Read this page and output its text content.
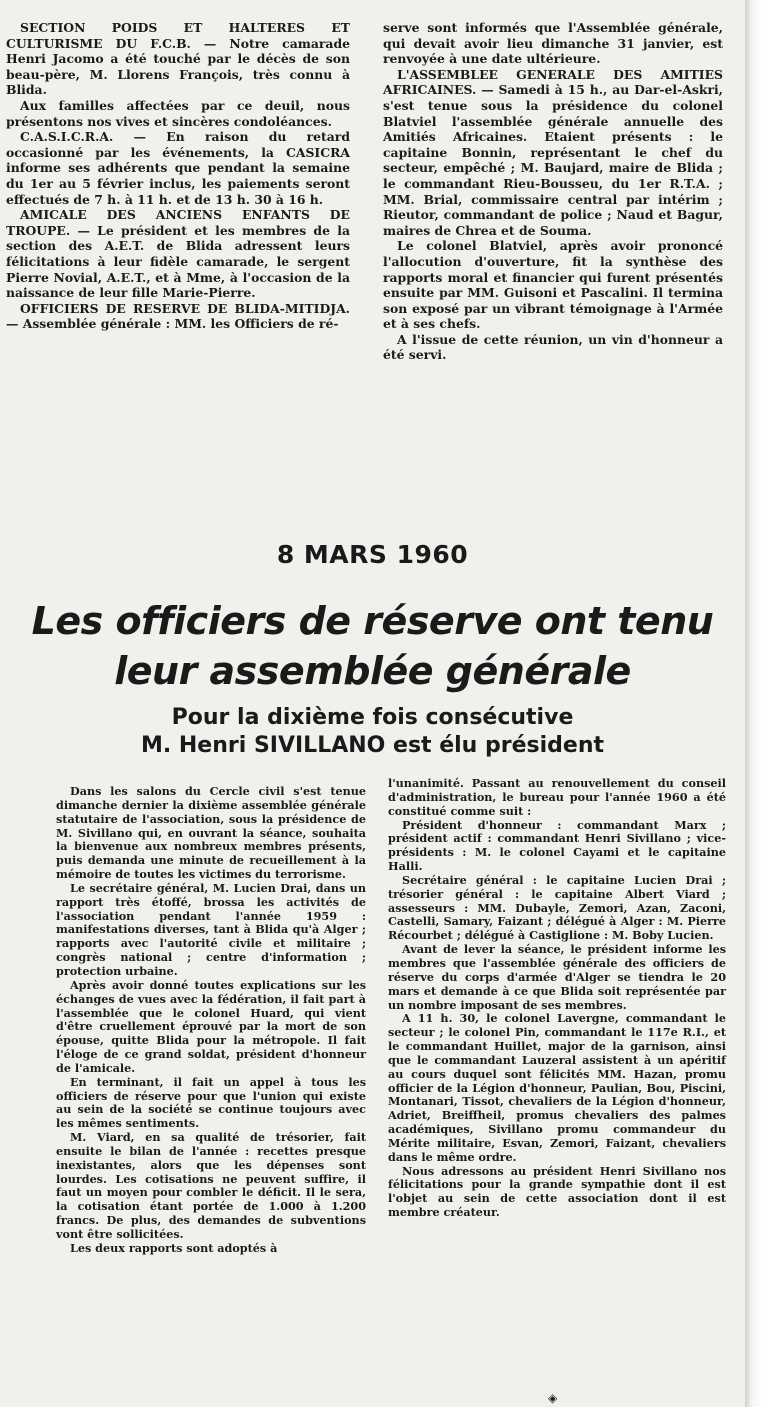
SECTION POIDS ET HALTERES ET CULTURISME DU F.C.B. — Notre camarade Henri Jacomo a été touché par le décès de son beau-père, M. Llorens François, très connu à Blida.

Aux familles affectées par ce deuil, nous présentons nos vives et sincères condoléances.

C.A.S.I.C.R.A. — En raison du retard occasionné par les événements, la CASICRA informe ses adhérents que pendant la semaine du 1er au 5 février inclus, les paiements seront effectués de 7 h. à 11 h. et de 13 h. 30 à 16 h.

AMICALE DES ANCIENS ENFANTS DE TROUPE. — Le président et les membres de la section des A.E.T. de Blida adressent leurs félicitations à leur fidèle camarade, le sergent Pierre Novial, A.E.T., et à Mme, à l'occasion de la naissance de leur fille Marie-Pierre.

OFFICIERS DE RESERVE DE BLIDA-MITIDJA. — Assemblée générale : MM. les Officiers de ré-

serve sont informés que l'Assemblée générale, qui devait avoir lieu dimanche 31 janvier, est renvoyée à une date ultérieure.

L'ASSEMBLEE GENERALE DES AMITIES AFRICAINES. — Samedi à 15 h., au Dar-el-Askri, s'est tenue sous la présidence du colonel Blatviel l'assemblée générale annuelle des Amitiés Africaines. Etaient présents : le capitaine Bonnin, représentant le chef du secteur, empêché ; M. Baujard, maire de Blida ; le commandant Rieu-Bousseu, du 1er R.T.A. ; MM. Brial, commissaire central par intérim ; Rieutor, commandant de police ; Naud et Bagur, maires de Chrea et de Souma.

Le colonel Blatviel, après avoir prononcé l'allocution d'ouverture, fit la synthèse des rapports moral et financier qui furent présentés ensuite par MM. Guisoni et Pascalini. Il termina son exposé par un vibrant témoignage à l'Armée et à ses chefs.

A l'issue de cette réunion, un vin d'honneur a été servi.

8 MARS 1960
Les officiers de réserve ont tenu
leur assemblée générale
Pour la dixième fois consécutive
M. Henri SIVILLANO est élu président

Dans les salons du Cercle civil s'est tenue dimanche dernier la dixième assemblée générale statutaire de l'association, sous la présidence de M. Sivillano qui, en ouvrant la séance, souhaita la bienvenue aux nombreux membres présents, puis demanda une minute de recueillement à la mémoire de toutes les victimes du terrorisme.

Le secrétaire général, M. Lucien Drai, dans un rapport très étoffé, brossa les activités de l'association pendant l'année 1959 : manifestations diverses, tant à Blida qu'à Alger ; rapports avec l'autorité civile et militaire ; congrès national ; centre d'information ; protection urbaine.

Après avoir donné toutes explications sur les échanges de vues avec la fédération, il fait part à l'assemblée que le colonel Huard, qui vient d'être cruellement éprouvé par la mort de son épouse, quitte Blida pour la métropole. Il fait l'éloge de ce grand soldat, président d'honneur de l'amicale.

En terminant, il fait un appel à tous les officiers de réserve pour que l'union qui existe au sein de la société se continue toujours avec les mêmes sentiments.

M. Viard, en sa qualité de trésorier, fait ensuite le bilan de l'année : recettes presque inexistantes, alors que les dépenses sont lourdes. Les cotisations ne peuvent suffire, il faut un moyen pour combler le déficit. Il le sera, la cotisation étant portée de 1.000 à 1.200 francs. De plus, des demandes de subventions vont être sollicitées.

Les deux rapports sont adoptés à

l'unanimité. Passant au renouvellement du conseil d'administration, le bureau pour l'année 1960 a été constitué comme suit :

Président d'honneur : commandant Marx ; président actif : commandant Henri Sivillano ; vice-présidents : M. le colonel Cayami et le capitaine Halli.

Secrétaire général : le capitaine Lucien Drai ; trésorier général : le capitaine Albert Viard ; assesseurs : MM. Dubayle, Zemori, Azan, Zaconi, Castelli, Samary, Faizant ; délégué à Alger : M. Pierre Récourbet ; délégué à Castiglione : M. Boby Lucien.

Avant de lever la séance, le président informe les membres que l'assemblée générale des officiers de réserve du corps d'armée d'Alger se tiendra le 20 mars et demande à ce que Blida soit représentée par un nombre imposant de ses membres.

A 11 h. 30, le colonel Lavergne, commandant le secteur ; le colonel Pin, commandant le 117e R.I., et le commandant Huillet, major de la garnison, ainsi que le commandant Lauzeral assistent à un apéritif au cours duquel sont félicités MM. Hazan, promu officier de la Légion d'honneur, Paulian, Bou, Piscini, Montanari, Tissot, chevaliers de la Légion d'honneur, Adriet, Breiffheil, promus chevaliers des palmes académiques, Sivillano promu commandeur du Mérite militaire, Esvan, Zemori, Faizant, chevaliers dans le même ordre.

Nous adressons au président Henri Sivillano nos félicitations pour la grande sympathie dont il est l'objet au sein de cette association dont il est membre créateur.

◈
